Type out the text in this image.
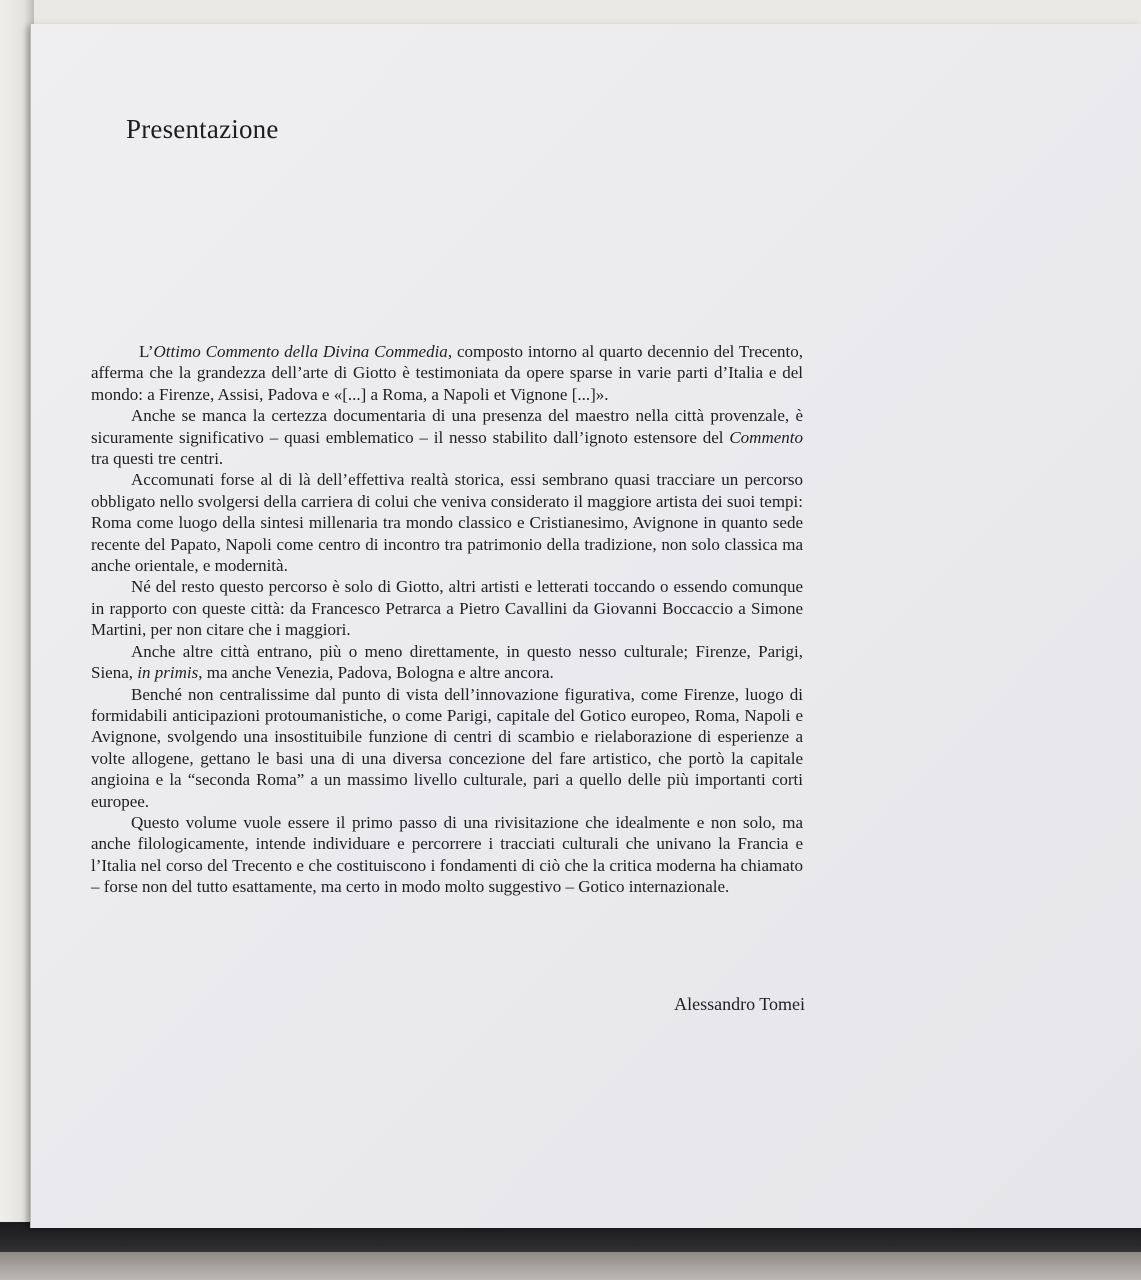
Presentazione

L’Ottimo Commento della Divina Commedia, composto intorno al quarto decennio del Trecento, afferma che la grandezza dell’arte di Giotto è testimoniata da opere sparse in varie parti d’Italia e del mondo: a Firenze, Assisi, Padova e «[...] a Roma, a Napoli et Vignone [...]».

Anche se manca la certezza documentaria di una presenza del maestro nella città provenzale, è sicuramente significativo – quasi emblematico – il nesso stabilito dall’ignoto estensore del Commento tra questi tre centri.

Accomunati forse al di là dell’effettiva realtà storica, essi sembrano quasi tracciare un percorso obbligato nello svolgersi della carriera di colui che veniva considerato il maggiore artista dei suoi tempi: Roma come luogo della sintesi millenaria tra mondo classico e Cristianesimo, Avignone in quanto sede recente del Papato, Napoli come centro di incontro tra patrimonio della tradizione, non solo classica ma anche orientale, e modernità.

Né del resto questo percorso è solo di Giotto, altri artisti e letterati toccando o essendo comunque in rapporto con queste città: da Francesco Petrarca a Pietro Cavallini da Giovanni Boccaccio a Simone Martini, per non citare che i maggiori.

Anche altre città entrano, più o meno direttamente, in questo nesso culturale; Firenze, Parigi, Siena, in primis, ma anche Venezia, Padova, Bologna e altre ancora.

Benché non centralissime dal punto di vista dell’innovazione figurativa, come Firenze, luogo di formidabili anticipazioni protoumanistiche, o come Parigi, capitale del Gotico europeo, Roma, Napoli e Avignone, svolgendo una insostituibile funzione di centri di scambio e rielaborazione di esperienze a volte allogene, gettano le basi una di una diversa concezione del fare artistico, che portò la capitale angioina e la “seconda Roma” a un massimo livello culturale, pari a quello delle più importanti corti europee.

Questo volume vuole essere il primo passo di una rivisitazione che idealmente e non solo, ma anche filologicamente, intende individuare e percorrere i tracciati culturali che univano la Francia e l’Italia nel corso del Trecento e che costituiscono i fondamenti di ciò che la critica moderna ha chiamato – forse non del tutto esattamente, ma certo in modo molto suggestivo – Gotico internazionale.

Alessandro Tomei
